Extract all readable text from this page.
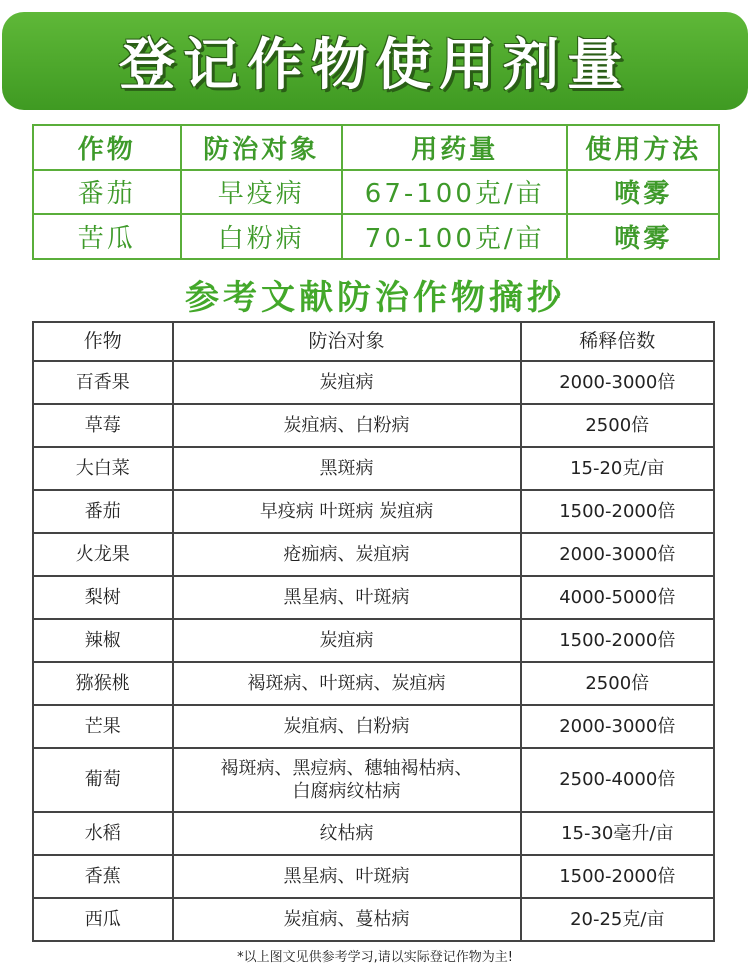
登记作物使用剂量
作物	防治对象	用药量	使用方法
番茄	早疫病	67-100克/亩	喷雾
苦瓜	白粉病	70-100克/亩	喷雾
参考文献防治作物摘抄
作物	防治对象	稀释倍数
百香果	炭疽病	2000-3000倍
草莓	炭疽病、白粉病	2500倍
大白菜	黑斑病	15-20克/亩
番茄	早疫病 叶斑病 炭疽病	1500-2000倍
火龙果	疮痂病、炭疽病	2000-3000倍
梨树	黑星病、叶斑病	4000-5000倍
辣椒	炭疽病	1500-2000倍
猕猴桃	褐斑病、叶斑病、炭疽病	2500倍
芒果	炭疽病、白粉病	2000-3000倍
葡萄	褐斑病、黑痘病、穗轴褐枯病、白腐病纹枯病	2500-4000倍
水稻	纹枯病	15-30毫升/亩
香蕉	黑星病、叶斑病	1500-2000倍
西瓜	炭疽病、蔓枯病	20-25克/亩
*以上图文见供参考学习,请以实际登记作物为主!
